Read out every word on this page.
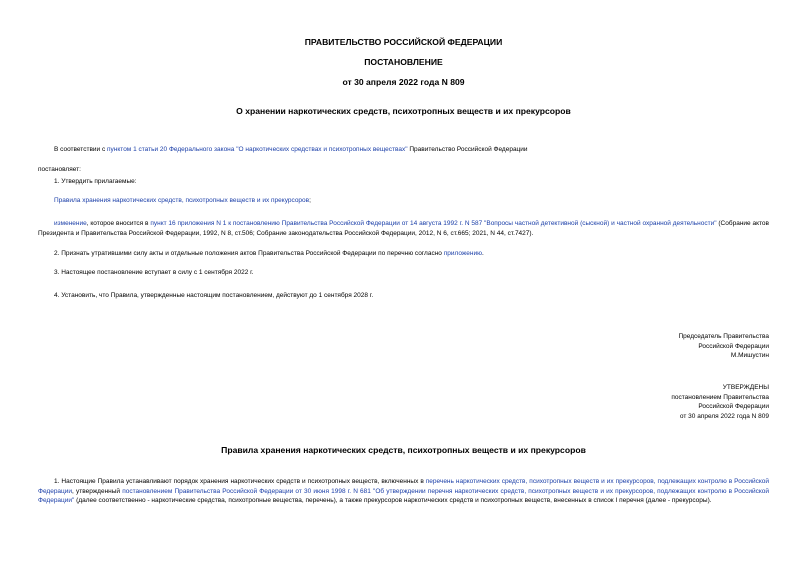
ПРАВИТЕЛЬСТВО РОССИЙСКОЙ ФЕДЕРАЦИИ
ПОСТАНОВЛЕНИЕ
от 30 апреля 2022 года N 809
О хранении наркотических средств, психотропных веществ и их прекурсоров
В соответствии с пунктом 1 статьи 20 Федерального закона "О наркотических средствах и психотропных веществах" Правительство Российской Федерации
постановляет:
1. Утвердить прилагаемые:
Правила хранения наркотических средств, психотропных веществ и их прекурсоров;
изменение, которое вносится в пункт 16 приложения N 1 к постановлению Правительства Российской Федерации от 14 августа 1992 г. N 587 "Вопросы частной детективной (сыскной) и частной охранной деятельности" (Собрание актов Президента и Правительства Российской Федерации, 1992, N 8, ст.506; Собрание законодательства Российской Федерации, 2012, N 6, ст.665; 2021, N 44, ст.7427).
2. Признать утратившими силу акты и отдельные положения актов Правительства Российской Федерации по перечню согласно приложению.
3. Настоящее постановление вступает в силу с 1 сентября 2022 г.
4. Установить, что Правила, утвержденные настоящим постановлением, действуют до 1 сентября 2028 г.
Председатель Правительства
Российской Федерации
М.Мишустин
УТВЕРЖДЕНЫ
постановлением Правительства
Российской Федерации
от 30 апреля 2022 года N 809
Правила хранения наркотических средств, психотропных веществ и их прекурсоров
1. Настоящие Правила устанавливают порядок хранения наркотических средств и психотропных веществ, включенных в перечень наркотических средств, психотропных веществ и их прекурсоров, подлежащих контролю в Российской Федерации, утвержденный постановлением Правительства Российской Федерации от 30 июня 1998 г. N 681 "Об утверждении перечня наркотических средств, психотропных веществ и их прекурсоров, подлежащих контролю в Российской Федерации" (далее соответственно - наркотические средства, психотропные вещества, перечень), а также прекурсоров наркотических средств и психотропных веществ, внесенных в список I перечня (далее - прекурсоры).
